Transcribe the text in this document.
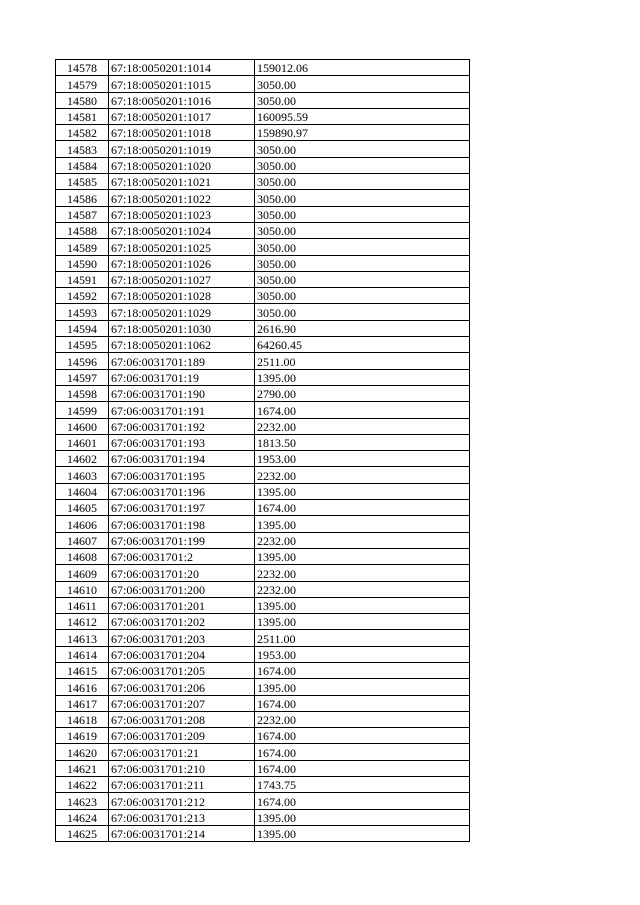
14578	67:18:0050201:1014	159012.06
14579	67:18:0050201:1015	3050.00
14580	67:18:0050201:1016	3050.00
14581	67:18:0050201:1017	160095.59
14582	67:18:0050201:1018	159890.97
14583	67:18:0050201:1019	3050.00
14584	67:18:0050201:1020	3050.00
14585	67:18:0050201:1021	3050.00
14586	67:18:0050201:1022	3050.00
14587	67:18:0050201:1023	3050.00
14588	67:18:0050201:1024	3050.00
14589	67:18:0050201:1025	3050.00
14590	67:18:0050201:1026	3050.00
14591	67:18:0050201:1027	3050.00
14592	67:18:0050201:1028	3050.00
14593	67:18:0050201:1029	3050.00
14594	67:18:0050201:1030	2616.90
14595	67:18:0050201:1062	64260.45
14596	67:06:0031701:189	2511.00
14597	67:06:0031701:19	1395.00
14598	67:06:0031701:190	2790.00
14599	67:06:0031701:191	1674.00
14600	67:06:0031701:192	2232.00
14601	67:06:0031701:193	1813.50
14602	67:06:0031701:194	1953.00
14603	67:06:0031701:195	2232.00
14604	67:06:0031701:196	1395.00
14605	67:06:0031701:197	1674.00
14606	67:06:0031701:198	1395.00
14607	67:06:0031701:199	2232.00
14608	67:06:0031701:2	1395.00
14609	67:06:0031701:20	2232.00
14610	67:06:0031701:200	2232.00
14611	67:06:0031701:201	1395.00
14612	67:06:0031701:202	1395.00
14613	67:06:0031701:203	2511.00
14614	67:06:0031701:204	1953.00
14615	67:06:0031701:205	1674.00
14616	67:06:0031701:206	1395.00
14617	67:06:0031701:207	1674.00
14618	67:06:0031701:208	2232.00
14619	67:06:0031701:209	1674.00
14620	67:06:0031701:21	1674.00
14621	67:06:0031701:210	1674.00
14622	67:06:0031701:211	1743.75
14623	67:06:0031701:212	1674.00
14624	67:06:0031701:213	1395.00
14625	67:06:0031701:214	1395.00
